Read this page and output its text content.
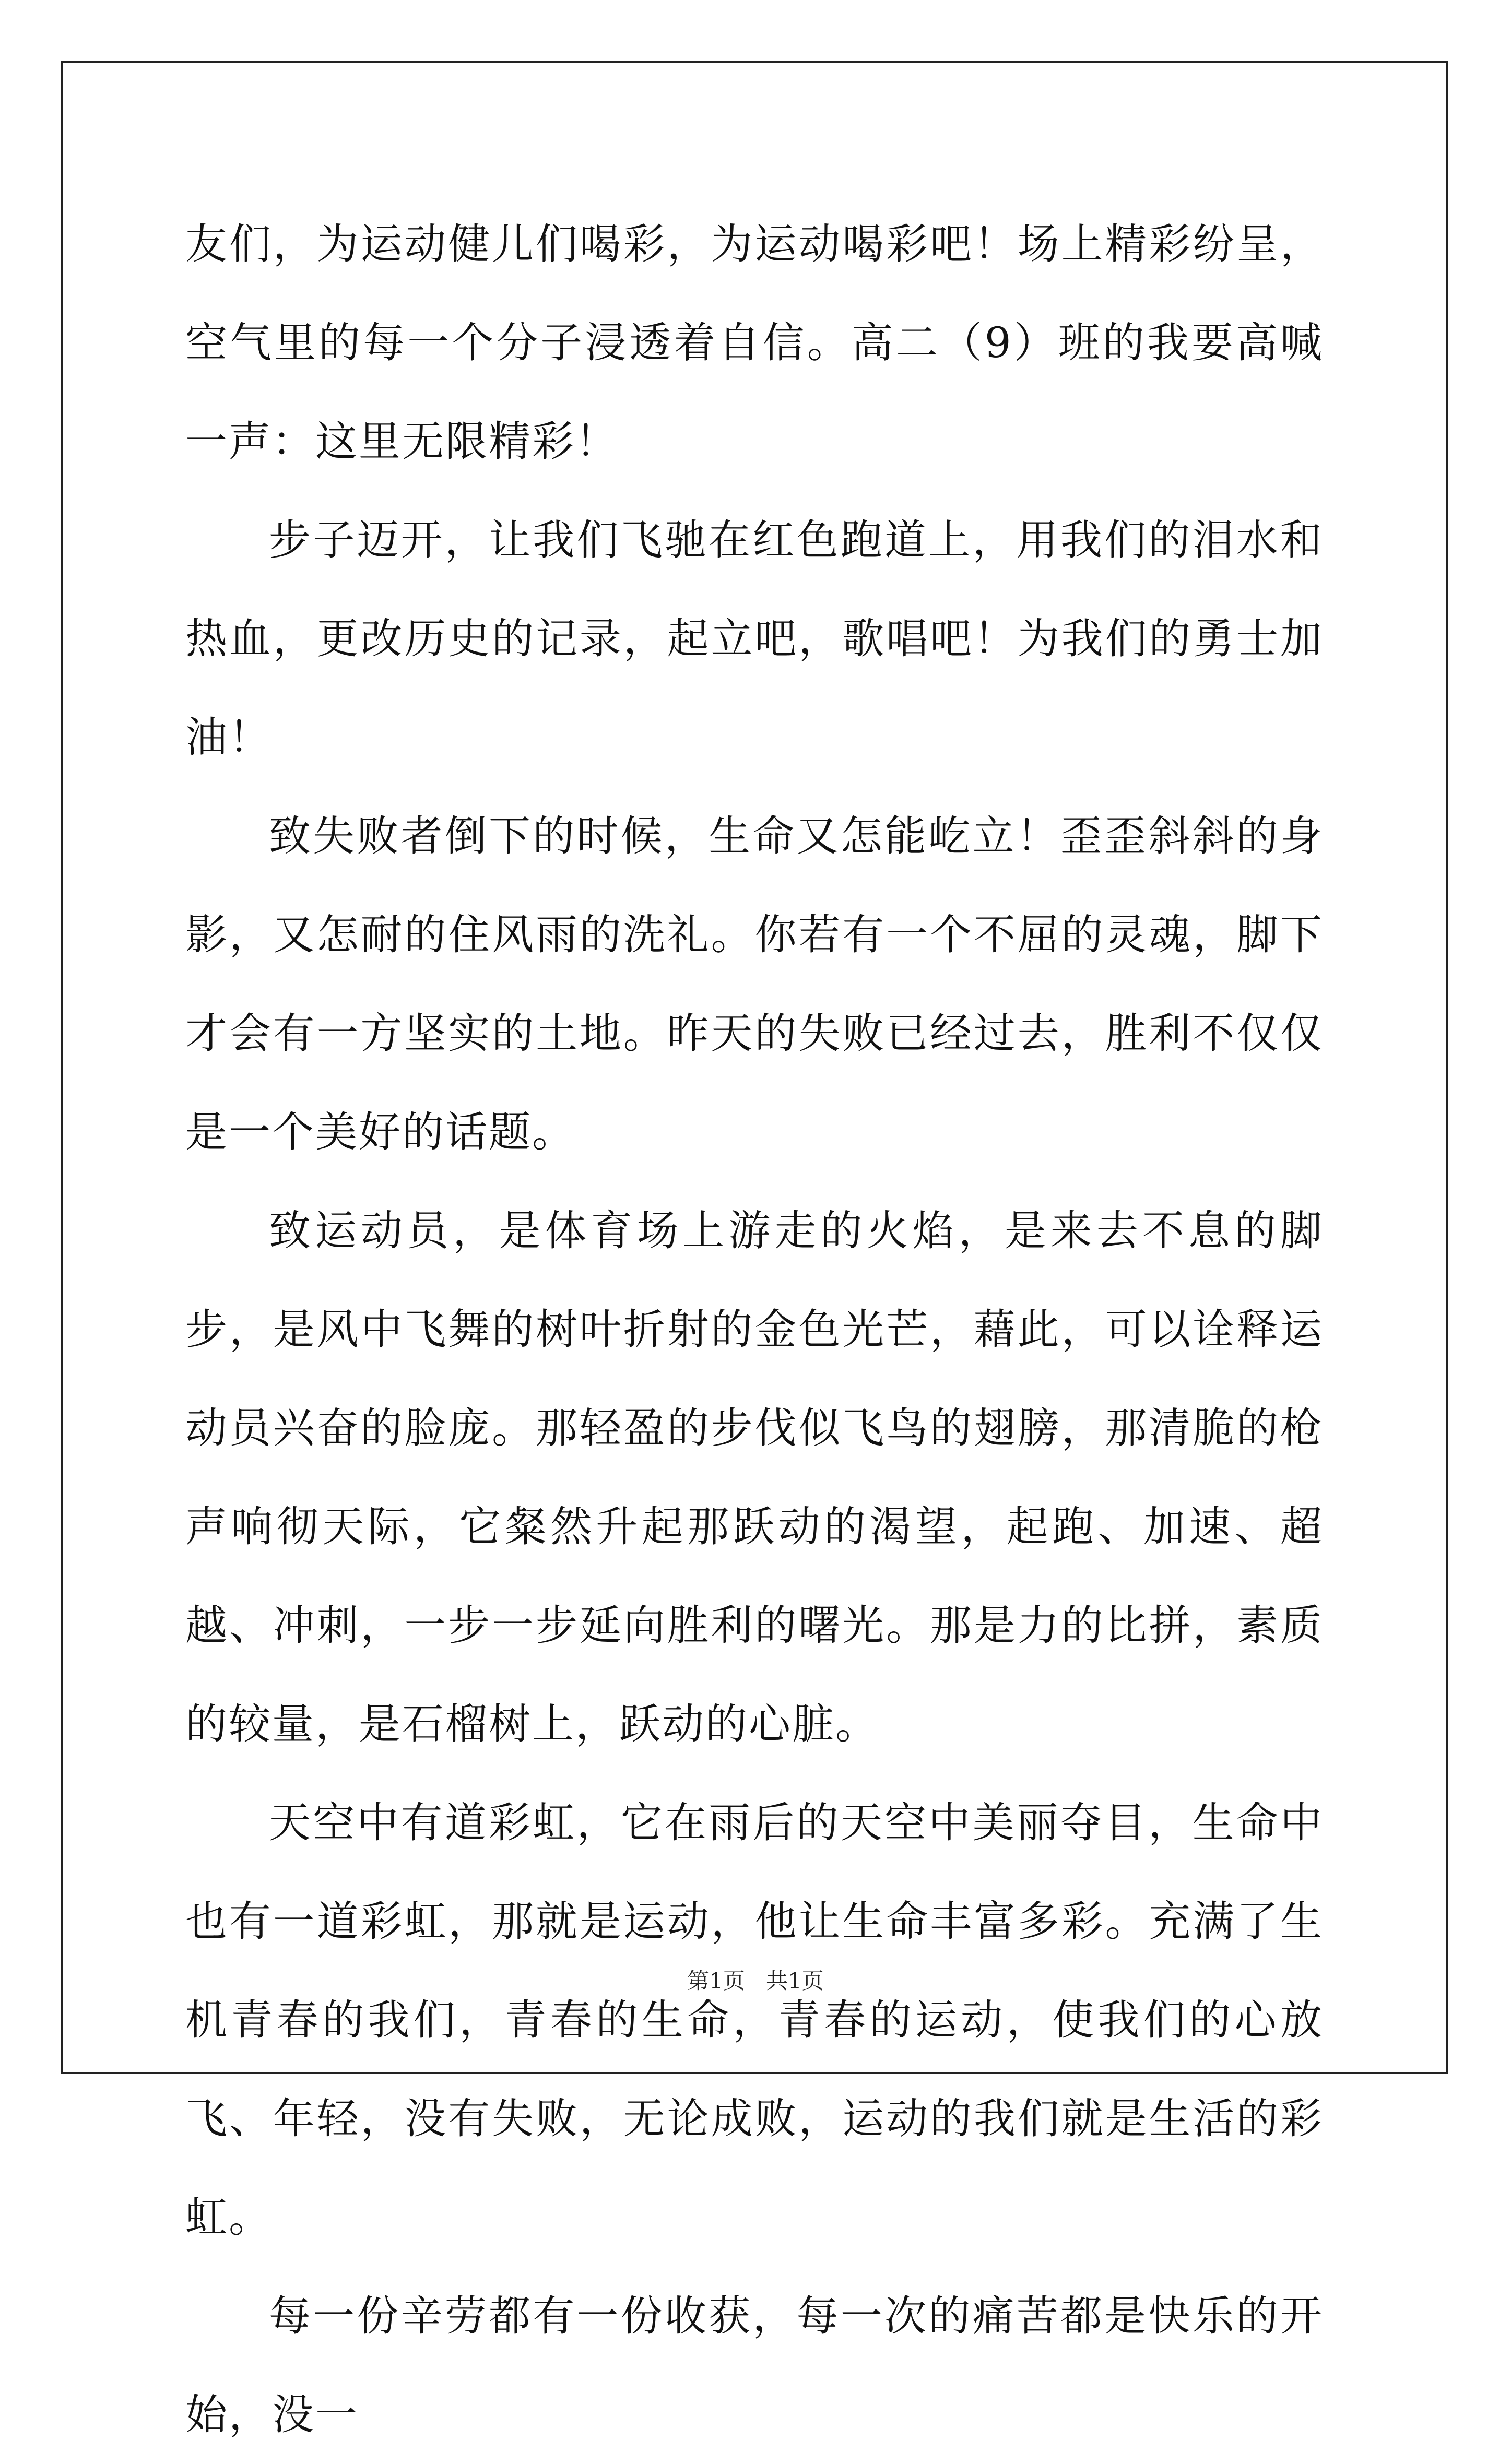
友们，为运动健儿们喝彩，为运动喝彩吧！场上精彩纷呈，空气里的每一个分子浸透着自信。高二（9）班的我要高喊一声：这里无限精彩！

步子迈开，让我们飞驰在红色跑道上，用我们的泪水和热血，更改历史的记录，起立吧，歌唱吧！为我们的勇士加油！

致失败者倒下的时候，生命又怎能屹立！歪歪斜斜的身影，又怎耐的住风雨的洗礼。你若有一个不屈的灵魂，脚下才会有一方坚实的土地。昨天的失败已经过去，胜利不仅仅是一个美好的话题。

致运动员，是体育场上游走的火焰，是来去不息的脚步，是风中飞舞的树叶折射的金色光芒，藉此，可以诠释运动员兴奋的脸庞。那轻盈的步伐似飞鸟的翅膀，那清脆的枪声响彻天际，它粲然升起那跃动的渴望，起跑、加速、超越、冲刺，一步一步延向胜利的曙光。那是力的比拼，素质的较量，是石榴树上，跃动的心脏。

天空中有道彩虹，它在雨后的天空中美丽夺目，生命中也有一道彩虹，那就是运动，他让生命丰富多彩。充满了生机青春的我们，青春的生命，青春的运动，使我们的心放飞、年轻，没有失败，无论成败，运动的我们就是生活的彩虹。

每一份辛劳都有一份收获，每一次的痛苦都是快乐的开始，没一

第1页 共1页
